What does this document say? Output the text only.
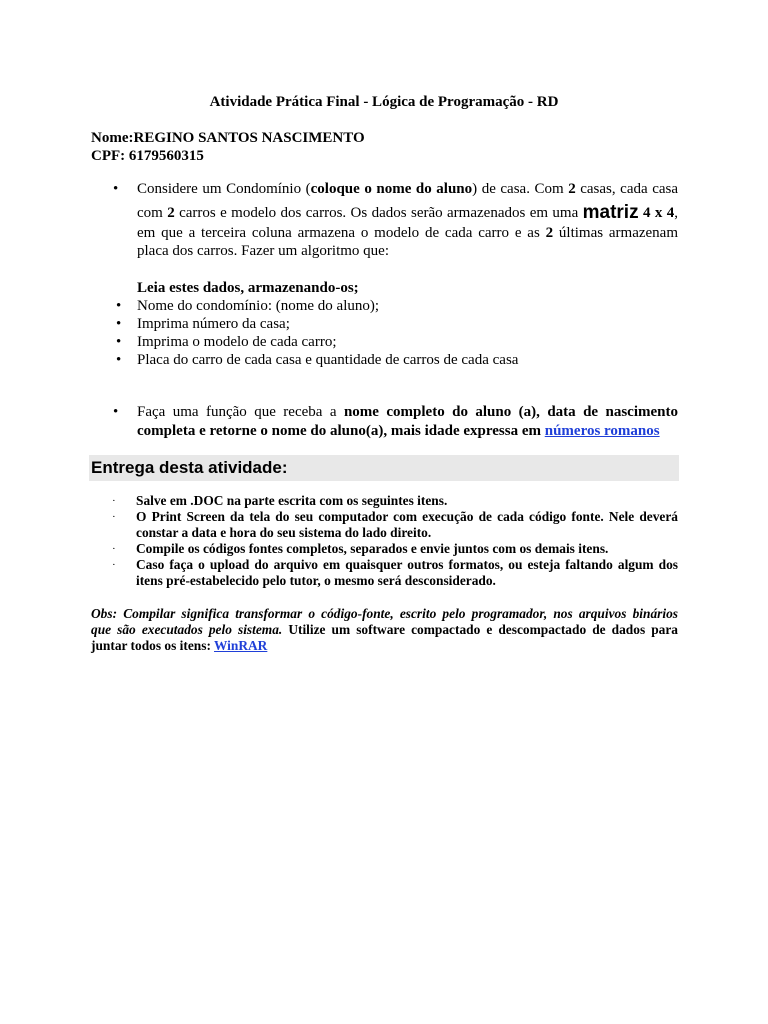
Atividade Prática Final - Lógica de Programação - RD
Nome:REGINO SANTOS NASCIMENTO
CPF: 6179560315
• Considere um Condomínio (coloque o nome do aluno) de casa. Com 2 casas, cada casa
com 2 carros e modelo dos carros. Os dados serão armazenados em uma matriz 4 x 4,
em que a terceira coluna armazena o modelo de cada carro e as 2 últimas armazenam
placa dos carros. Fazer um algoritmo que:
Leia estes dados, armazenando-os;
• Nome do condomínio: (nome do aluno);
• Imprima número da casa;
• Imprima o modelo de cada carro;
• Placa do carro de cada casa e quantidade de carros de cada casa
• Faça uma função que receba a nome completo do aluno (a), data de nascimento
completa e retorne o nome do aluno(a), mais idade expressa em números romanos
Entrega desta atividade:
· Salve em .DOC na parte escrita com os seguintes itens.
· O Print Screen da tela do seu computador com execução de cada código fonte. Nele deverá
constar a data e hora do seu sistema do lado direito.
· Compile os códigos fontes completos, separados e envie juntos com os demais itens.
· Caso faça o upload do arquivo em quaisquer outros formatos, ou esteja faltando algum dos
itens pré-estabelecido pelo tutor, o mesmo será desconsiderado.
Obs: Compilar significa transformar o código-fonte, escrito pelo programador, nos arquivos binários
que são executados pelo sistema. Utilize um software compactado e descompactado de dados para
juntar todos os itens: WinRAR
